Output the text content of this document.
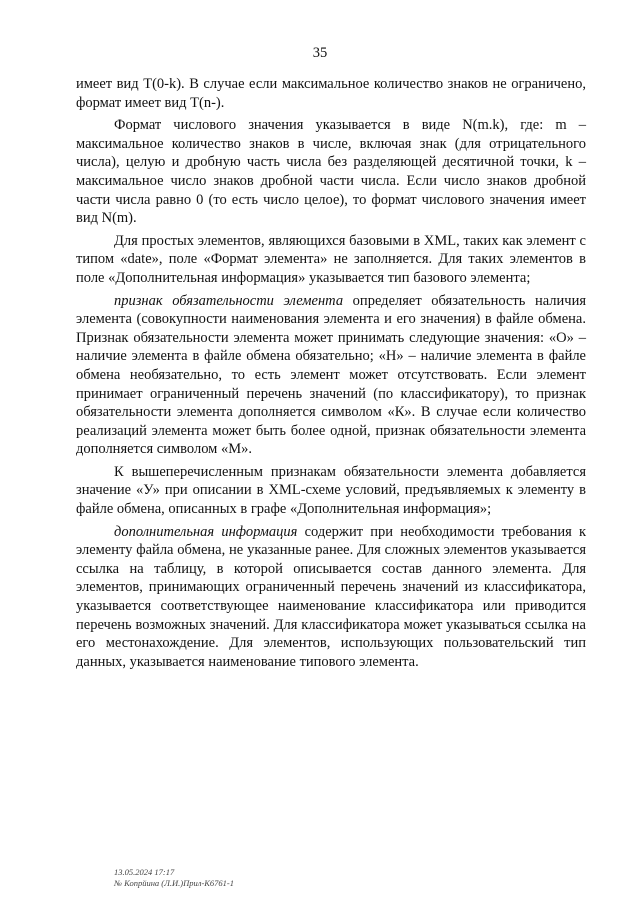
35

имеет вид T(0-k). В случае если максимальное количество знаков не ограничено, формат имеет вид T(n-).

Формат числового значения указывается в виде N(m.k), где: m – максимальное количество знаков в числе, включая знак (для отрицательного числа), целую и дробную часть числа без разделяющей десятичной точки, k – максимальное число знаков дробной части числа. Если число знаков дробной части числа равно 0 (то есть число целое), то формат числового значения имеет вид N(m).

Для простых элементов, являющихся базовыми в XML, таких как элемент с типом «date», поле «Формат элемента» не заполняется. Для таких элементов в поле «Дополнительная информация» указывается тип базового элемента;

признак обязательности элемента определяет обязательность наличия элемента (совокупности наименования элемента и его значения) в файле обмена. Признак обязательности элемента может принимать следующие значения: «О» – наличие элемента в файле обмена обязательно; «Н» – наличие элемента в файле обмена необязательно, то есть элемент может отсутствовать. Если элемент принимает ограниченный перечень значений (по классификатору), то признак обязательности элемента дополняется символом «К». В случае если количество реализаций элемента может быть более одной, признак обязательности элемента дополняется символом «М».

К вышеперечисленным признакам обязательности элемента добавляется значение «У» при описании в XML-схеме условий, предъявляемых к элементу в файле обмена, описанных в графе «Дополнительная информация»;

дополнительная информация содержит при необходимости требования к элементу файла обмена, не указанные ранее. Для сложных элементов указывается ссылка на таблицу, в которой описывается состав данного элемента. Для элементов, принимающих ограниченный перечень значений из классификатора, указывается соответствующее наименование классификатора или приводится перечень возможных значений. Для классификатора может указываться ссылка на его местонахождение. Для элементов, использующих пользовательский тип данных, указывается наименование типового элемента.

13.05.2024 17:17
№ Копрйина (Л.И.)Прил-К6761-1
